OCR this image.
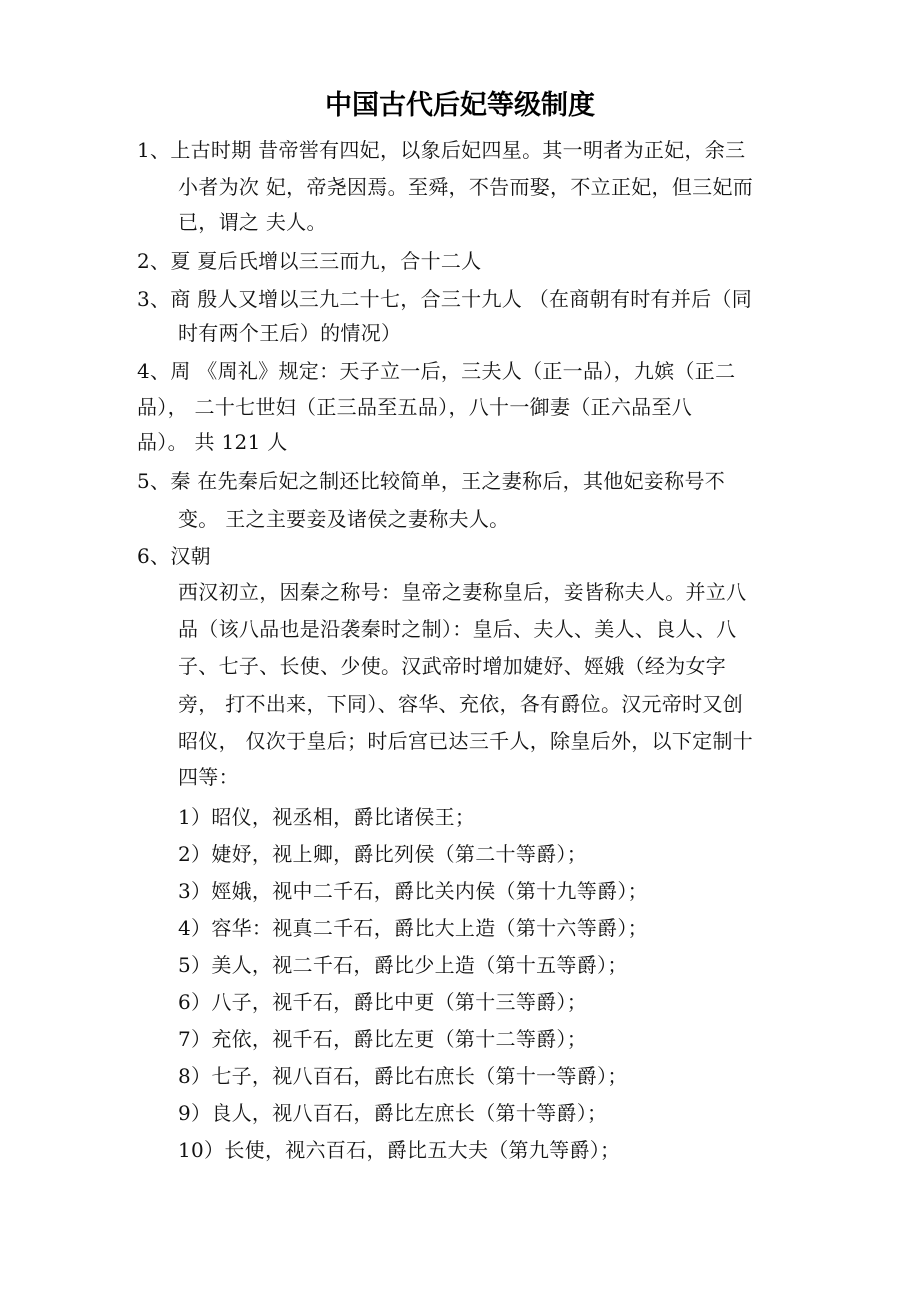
中国古代后妃等级制度
1、上古时期 昔帝喾有四妃，以象后妃四星。其一明者为正妃，余三
小者为次 妃，帝尧因焉。至舜，不告而娶，不立正妃，但三妃而
已，谓之 夫人。
2、夏 夏后氏增以三三而九，合十二人
3、商 殷人又增以三九二十七，合三十九人 （在商朝有时有并后（同
时有两个王后）的情况）
4、周 《周礼》规定：天子立一后，三夫人（正一品），九嫔（正二
品）， 二十七世妇（正三品至五品），八十一御妻（正六品至八
品）。 共 121 人
5、秦 在先秦后妃之制还比较简单，王之妻称后，其他妃妾称号不
变。 王之主要妾及诸侯之妻称夫人。
6、汉朝
西汉初立，因秦之称号：皇帝之妻称皇后，妾皆称夫人。并立八
品（该八品也是沿袭秦时之制）：皇后、夫人、美人、良人、八
子、七子、长使、少使。汉武帝时增加婕妤、娙娥（经为女字
旁， 打不出来，下同）、容华、充依，各有爵位。汉元帝时又创
昭仪， 仅次于皇后；时后宫已达三千人，除皇后外，以下定制十
四等：
1）昭仪，视丞相，爵比诸侯王；
2）婕妤，视上卿，爵比列侯（第二十等爵）；
3）娙娥，视中二千石，爵比关内侯（第十九等爵）；
4）容华：视真二千石，爵比大上造（第十六等爵）；
5）美人，视二千石，爵比少上造（第十五等爵）；
6）八子，视千石，爵比中更（第十三等爵）；
7）充依，视千石，爵比左更（第十二等爵）；
8）七子，视八百石，爵比右庶长（第十一等爵）；
9）良人，视八百石，爵比左庶长（第十等爵）；
10）长使，视六百石，爵比五大夫（第九等爵）；
